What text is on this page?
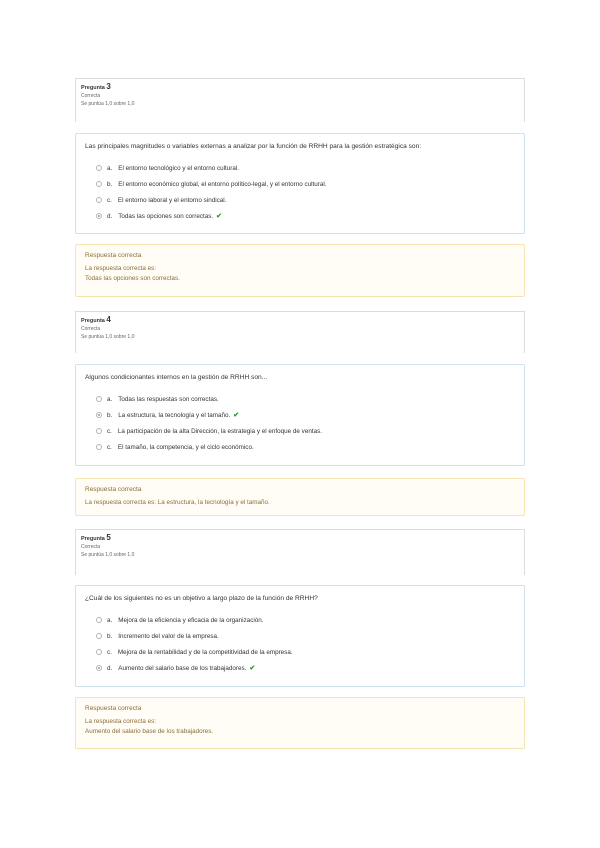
Pregunta 3
Correcta
Se puntúa 1,0 sobre 1,0
Las principales magnitudes o variables externas a analizar por la función de RRHH para la gestión estratégica son:
a. El entorno tecnológico y el entorno cultural.
b. El entorno económico global, el entorno político-legal, y el entorno cultural.
c. El entorno laboral y el entorno sindical.
d. Todas las opciones son correctas. ✔
Respuesta correcta
La respuesta correcta es:
Todas las opciones son correctas.
Pregunta 4
Correcta
Se puntúa 1,0 sobre 1,0
Algunos condicionantes internos en la gestión de RRHH son...
a. Todas las respuestas son correctas.
b. La estructura, la tecnología y el tamaño. ✔
c. La participación de la alta Dirección, la estrategia y el enfoque de ventas.
c. El tamaño, la competencia, y el ciclo económico.
Respuesta correcta
La respuesta correcta es: La estructura, la tecnología y el tamaño.
Pregunta 5
Correcta
Se puntúa 1,0 sobre 1,0
¿Cuál de los siguientes no es un objetivo a largo plazo de la función de RRHH?
a. Mejora de la eficiencia y eficacia de la organización.
b. Incremento del valor de la empresa.
c. Mejora de la rentabilidad y de la competitividad de la empresa.
d. Aumento del salario base de los trabajadores. ✔
Respuesta correcta
La respuesta correcta es:
Aumento del salario base de los trabajadores.
